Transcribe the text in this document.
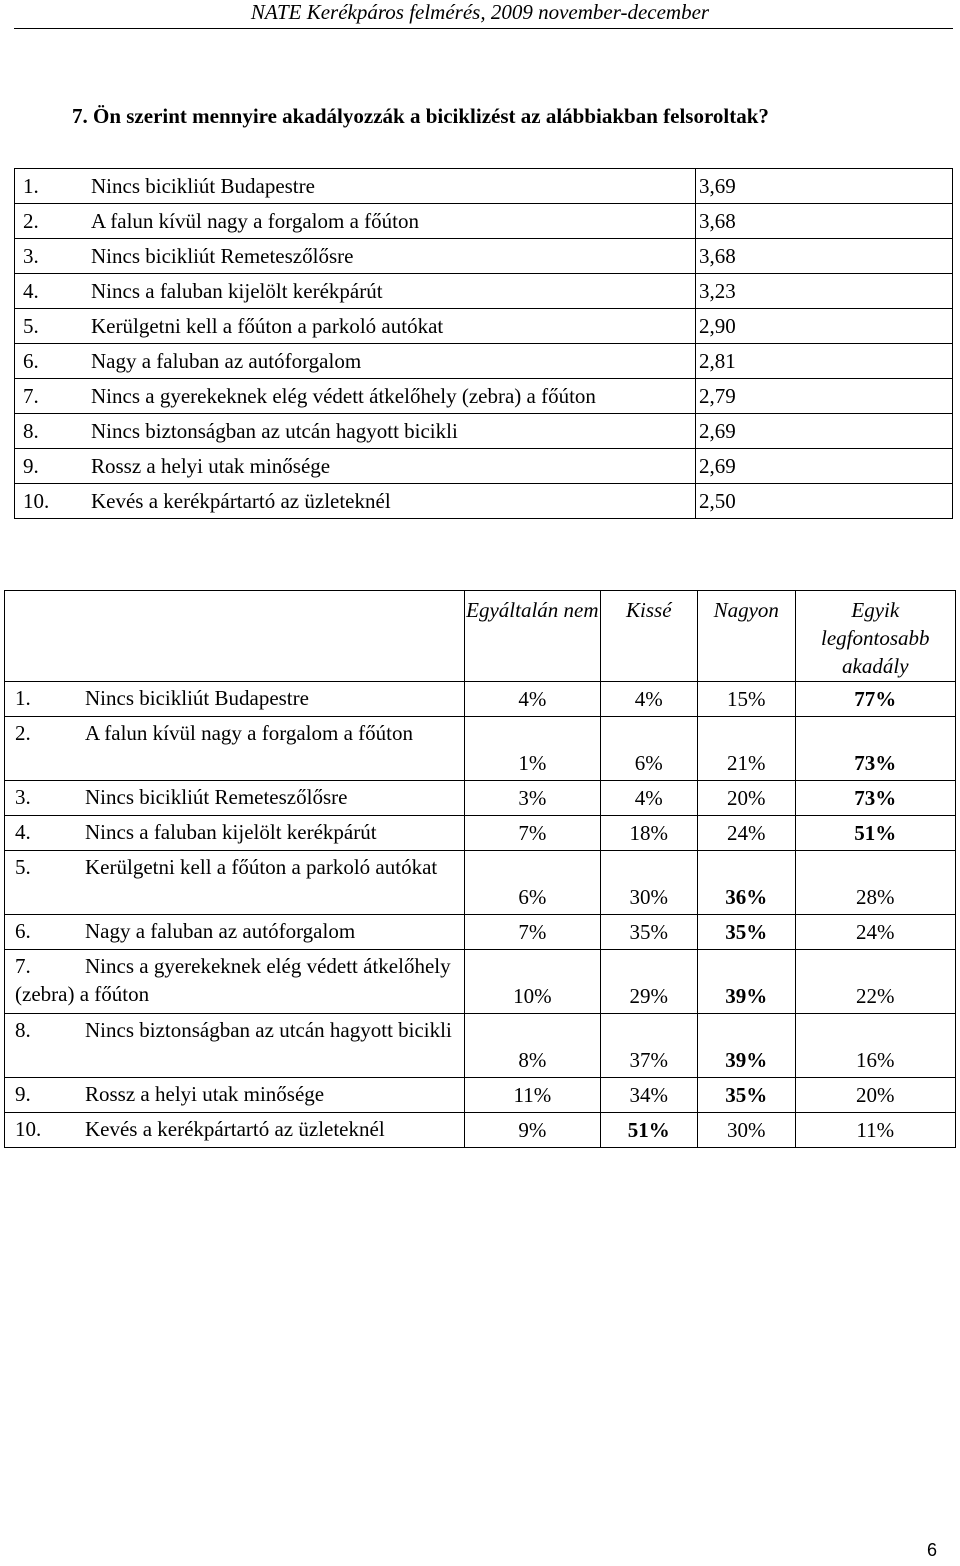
NATE Kerékpáros felmérés, 2009 november-december
7. Ön szerint mennyire akadályozzák a biciklizést az alábbiakban felsoroltak?
1.	Nincs bicikliút Budapestre	3,69
2.	A falun kívül nagy a forgalom a főúton	3,68
3.	Nincs bicikliút Remeteszőlősre	3,68
4.	Nincs a faluban kijelölt kerékpárút	3,23
5.	Kerülgetni kell a főúton a parkoló autókat	2,90
6.	Nagy a faluban az autóforgalom	2,81
7.	Nincs a gyerekeknek elég védett átkelőhely (zebra) a főúton	2,79
8.	Nincs biztonságban az utcán hagyott bicikli	2,69
9.	Rossz a helyi utak minősége	2,69
10.	Kevés a kerékpártartó az üzleteknél	2,50
	Egyáltalán nem	Kissé	Nagyon	Egyik legfontosabb akadály
1. Nincs bicikliút Budapestre	4%	4%	15%	77%
2. A falun kívül nagy a forgalom a főúton	1%	6%	21%	73%
3. Nincs bicikliút Remeteszőlősre	3%	4%	20%	73%
4. Nincs a faluban kijelölt kerékpárút	7%	18%	24%	51%
5. Kerülgetni kell a főúton a parkoló autókat	6%	30%	36%	28%
6. Nagy a faluban az autóforgalom	7%	35%	35%	24%
7. Nincs a gyerekeknek elég védett átkelőhely (zebra) a főúton	10%	29%	39%	22%
8. Nincs biztonságban az utcán hagyott bicikli	8%	37%	39%	16%
9. Rossz a helyi utak minősége	11%	34%	35%	20%
10. Kevés a kerékpártartó az üzleteknél	9%	51%	30%	11%
6
